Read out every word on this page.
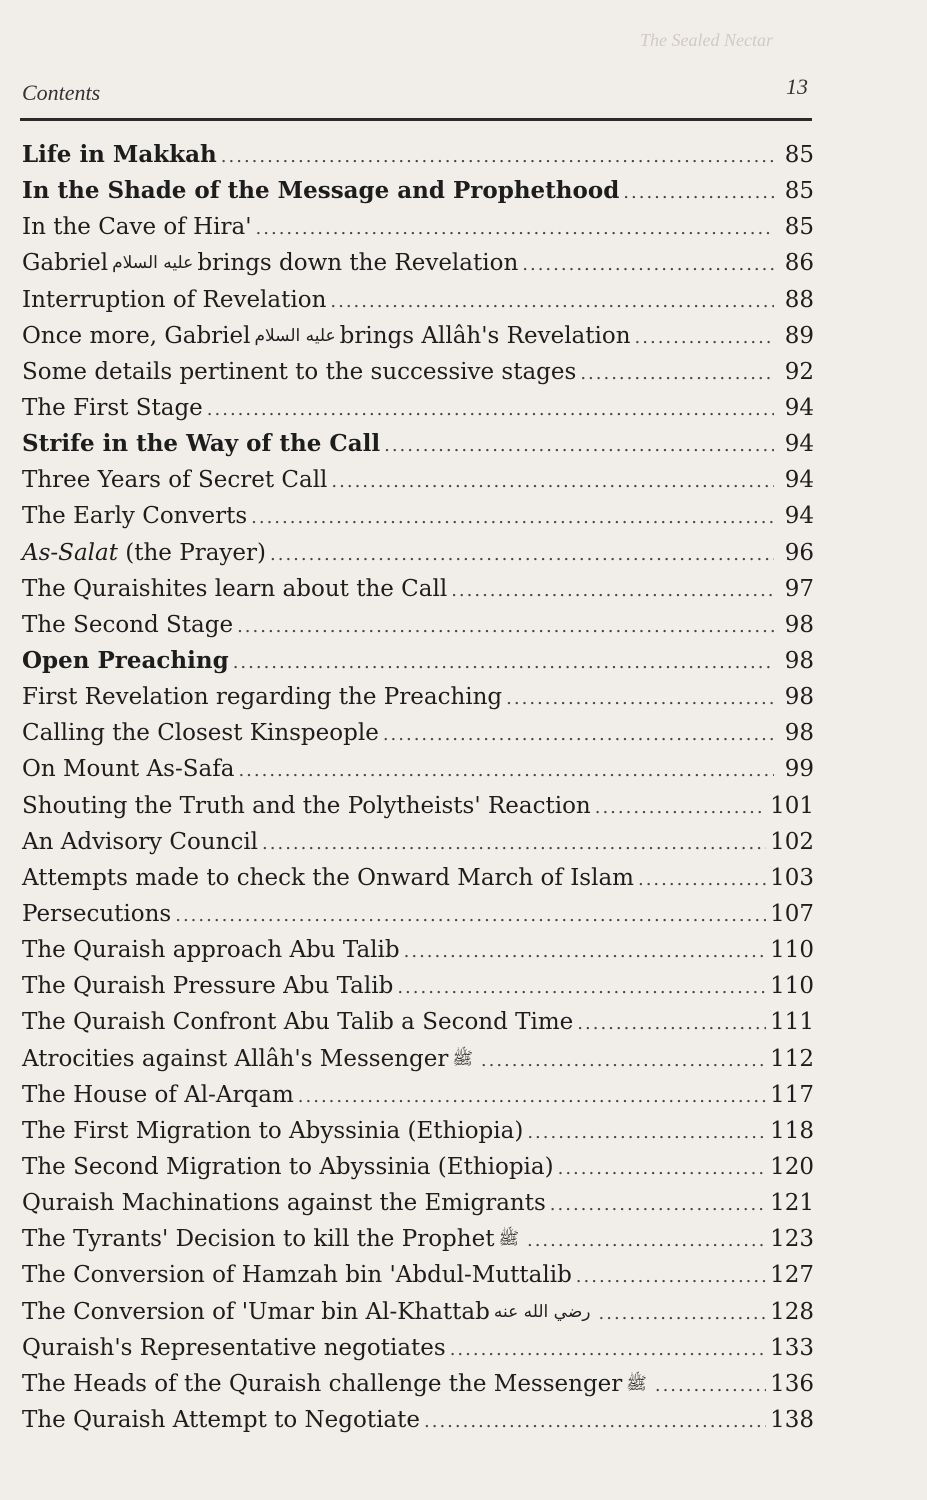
The Sealed Nectar
Contents	13
Life in Makkah .....	85
In the Shade of the Message and Prophethood .....	85
In the Cave of Hira' .....	85
Gabriel عليه السلام brings down the Revelation .....	86
Interruption of Revelation .....	88
Once more, Gabriel عليه السلام brings Allâh's Revelation .....	89
Some details pertinent to the successive stages .....	92
The First Stage .....	94
Strife in the Way of the Call .....	94
Three Years of Secret Call .....	94
The Early Converts .....	94
As-Salat (the Prayer) .....	96
The Quraishites learn about the Call .....	97
The Second Stage .....	98
Open Preaching .....	98
First Revelation regarding the Preaching .....	98
Calling the Closest Kinspeople .....	98
On Mount As-Safa .....	99
Shouting the Truth and the Polytheists' Reaction .....	101
An Advisory Council .....	102
Attempts made to check the Onward March of Islam .....	103
Persecutions .....	107
The Quraish approach Abu Talib .....	110
The Quraish Pressure Abu Talib .....	110
The Quraish Confront Abu Talib a Second Time .....	111
Atrocities against Allâh's Messenger ﷺ .....	112
The House of Al-Arqam .....	117
The First Migration to Abyssinia (Ethiopia) .....	118
The Second Migration to Abyssinia (Ethiopia) .....	120
Quraish Machinations against the Emigrants .....	121
The Tyrants' Decision to kill the Prophet ﷺ .....	123
The Conversion of Hamzah bin 'Abdul-Muttalib .....	127
The Conversion of 'Umar bin Al-Khattab رضي الله عنه .....	128
Quraish's Representative negotiates .....	133
The Heads of the Quraish challenge the Messenger ﷺ .....	136
The Quraish Attempt to Negotiate .....	138
